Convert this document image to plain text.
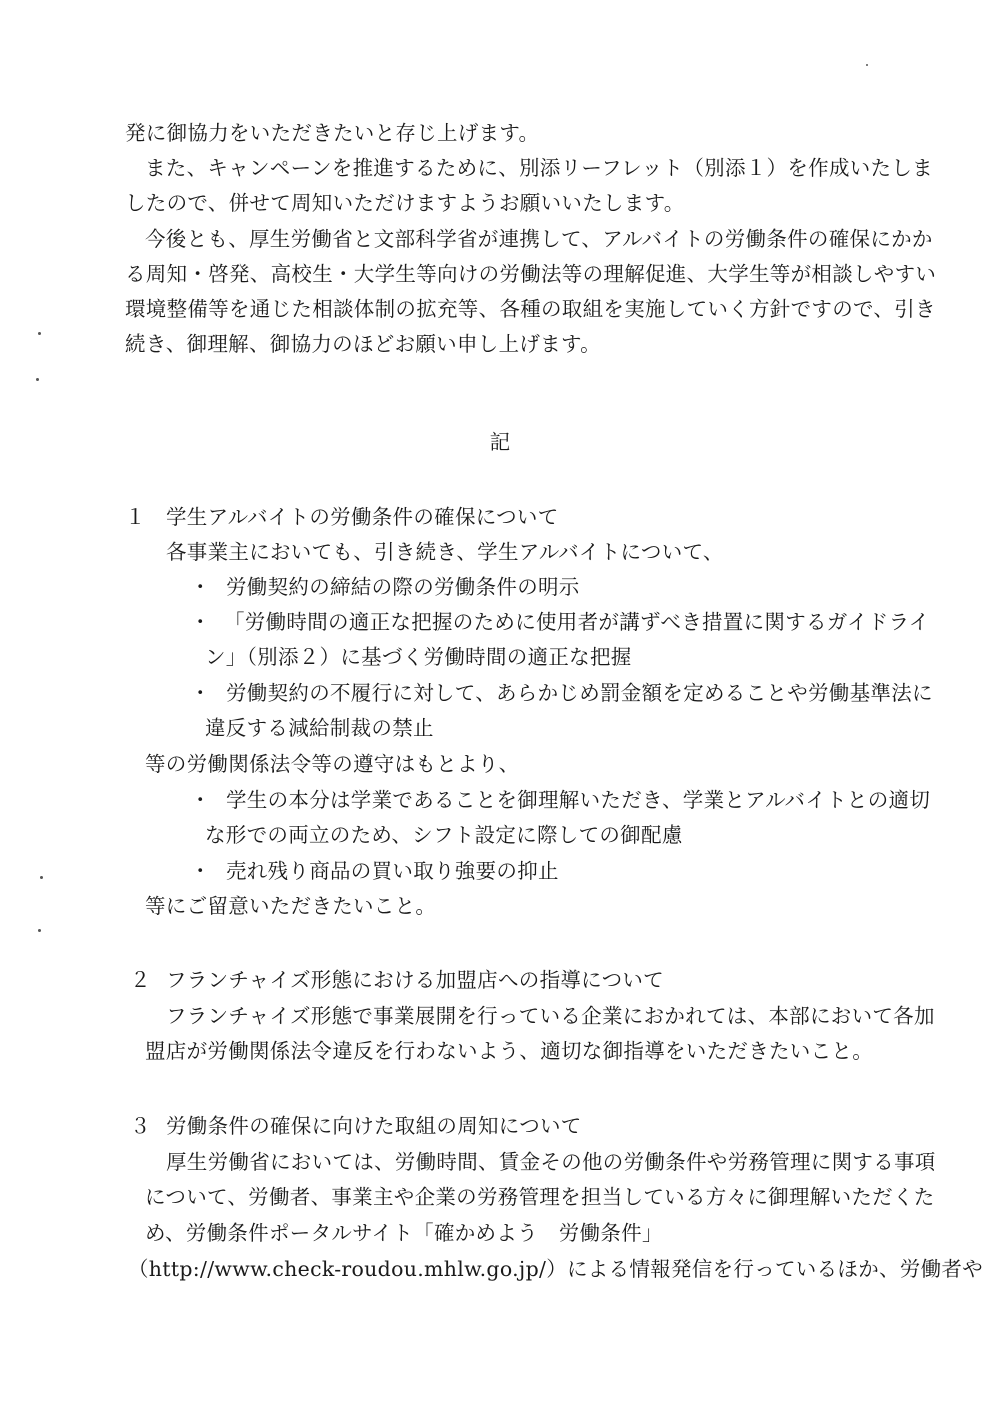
発に御協力をいただきたいと存じ上げます。
また、キャンペーンを推進するために、別添リーフレット（別添１）を作成いたしま
したので、併せて周知いただけますようお願いいたします。
今後とも、厚生労働省と文部科学省が連携して、アルバイトの労働条件の確保にかか
る周知・啓発、高校生・大学生等向けの労働法等の理解促進、大学生等が相談しやすい
環境整備等を通じた相談体制の拡充等、各種の取組を実施していく方針ですので、引き
続き、御理解、御協力のほどお願い申し上げます。
記
１ 学生アルバイトの労働条件の確保について
各事業主においても、引き続き、学生アルバイトについて、
・ 労働契約の締結の際の労働条件の明示
・ 「労働時間の適正な把握のために使用者が講ずべき措置に関するガイドライ
ン」（別添２）に基づく労働時間の適正な把握
・ 労働契約の不履行に対して、あらかじめ罰金額を定めることや労働基準法に
違反する減給制裁の禁止
等の労働関係法令等の遵守はもとより、
・ 学生の本分は学業であることを御理解いただき、学業とアルバイトとの適切
な形での両立のため、シフト設定に際しての御配慮
・ 売れ残り商品の買い取り強要の抑止
等にご留意いただきたいこと。
２ フランチャイズ形態における加盟店への指導について
フランチャイズ形態で事業展開を行っている企業におかれては、本部において各加
盟店が労働関係法令違反を行わないよう、適切な御指導をいただきたいこと。
３ 労働条件の確保に向けた取組の周知について
厚生労働省においては、労働時間、賃金その他の労働条件や労務管理に関する事項
について、労働者、事業主や企業の労務管理を担当している方々に御理解いただくた
め、労働条件ポータルサイト「確かめよう　労働条件」
（http://www.check-roudou.mhlw.go.jp/）による情報発信を行っているほか、労働者や
